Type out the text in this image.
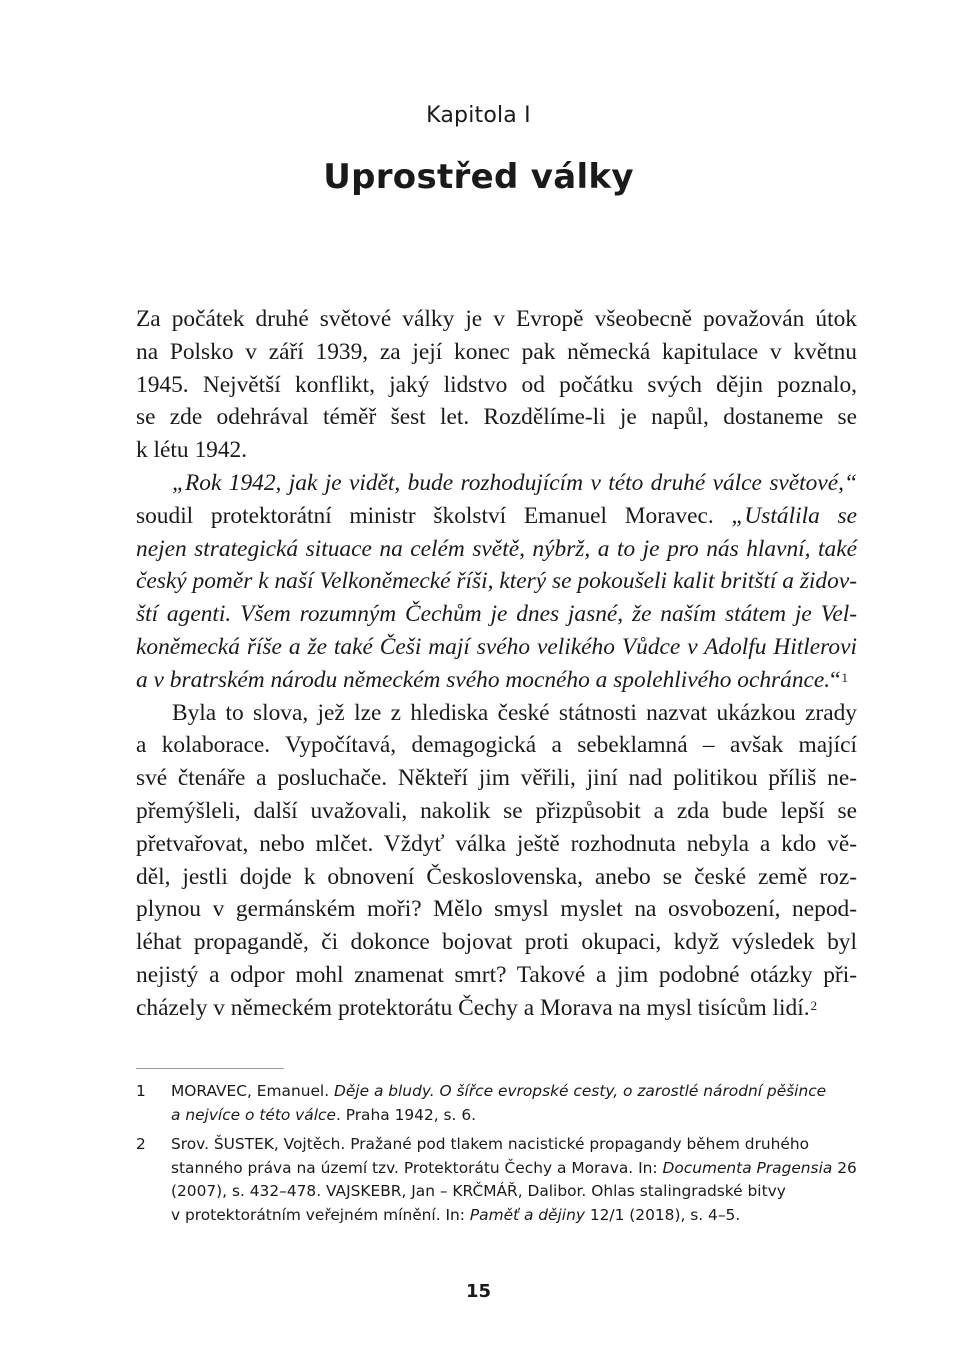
Kapitola I
Uprostřed války
Za počátek druhé světové války je v Evropě všeobecně považován útok
na Polsko v září 1939, za její konec pak německá kapitulace v květnu
1945. Největší konflikt, jaký lidstvo od počátku svých dějin poznalo,
se zde odehrával téměř šest let. Rozdělíme-li je napůl, dostaneme se
k létu 1942.
„Rok 1942, jak je vidět, bude rozhodujícím v této druhé válce světové,“
soudil protektorátní ministr školství Emanuel Moravec. „Ustálila se
nejen strategická situace na celém světě, nýbrž, a to je pro nás hlavní, také
český poměr k naší Velkoněmecké říši, který se pokoušeli kalit britští a židov-
ští agenti. Všem rozumným Čechům je dnes jasné, že naším státem je Vel-
koněmecká říše a že také Češi mají svého velikého Vůdce v Adolfu Hitlerovi
a v bratrském národu německém svého mocného a spolehlivého ochránce.“$^1$
Byla to slova, jež lze z hlediska české státnosti nazvat ukázkou zrady
a kolaborace. Vypočítavá, demagogická a sebeklamná – avšak mající
své čtenáře a posluchače. Někteří jim věřili, jiní nad politikou příliš ne-
přemýšleli, další uvažovali, nakolik se přizpůsobit a zda bude lepší se
přetvařovat, nebo mlčet. Vždyť válka ještě rozhodnuta nebyla a kdo vě-
děl, jestli dojde k obnovení Československa, anebo se české země roz-
plynou v germánském moři? Mělo smysl myslet na osvobození, nepod-
léhat propagandě, či dokonce bojovat proti okupaci, když výsledek byl
nejistý a odpor mohl znamenat smrt? Takové a jim podobné otázky při-
cházely v německém protektorátu Čechy a Morava na mysl tisícům lidí.$^2$
1 MORAVEC, Emanuel. Děje a bludy. O šířce evropské cesty, o zarostlé národní pěšince
a nejvíce o této válce. Praha 1942, s. 6.
2 Srov. ŠUSTEK, Vojtěch. Pražané pod tlakem nacistické propagandy během druhého
stanného práva na území tzv. Protektorátu Čechy a Morava. In: Documenta Pragensia 26
(2007), s. 432–478. VAJSKEBR, Jan – KRČMÁŘ, Dalibor. Ohlas stalingradské bitvy
v protektorátním veřejném mínění. In: Paměť a dějiny 12/1 (2018), s. 4–5.
15
